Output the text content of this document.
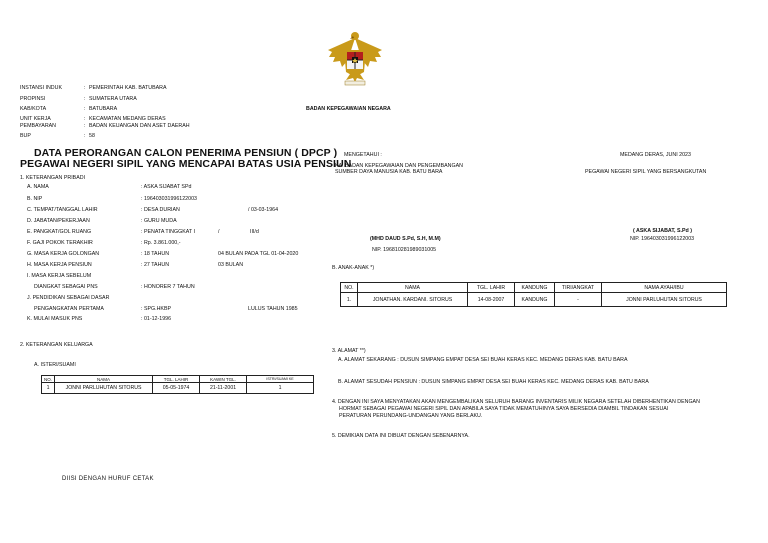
INSTANSI INDUK	: PEMERINTAH KAB. BATUBARA
PROPINSI	: SUMATERA UTARA
KAB/KOTA	: BATUBARA
UNIT KERJA	: KECAMATAN MEDANG DERAS
PEMBAYARAN	: BADAN KEUANGAN DAN ASET DAERAH
BUP	: 58
BADAN KEPEGAWAIAN NEGARA
DATA PERORANGAN CALON PENERIMA PENSIUN ( DPCP )
PEGAWAI NEGERI SIPIL YANG MENCAPAI BATAS USIA PENSIUN
MENGETAHUI :
KA. BADAN KEPEGAWAIAN DAN PENGEMBANGAN
SUMBER DAYA MANUSIA KAB. BATU BARA
MEDANG DERAS, JUNI 2023
PEGAWAI NEGERI SIPIL YANG BERSANGKUTAN
1. KETERANGAN PRIBADI
A. NAMA	: ASKA SIJABAT SPd
B. NIP	: 196403031996122003
C. TEMPAT/TANGGAL LAHIR	: DESA DURIAN	/ 03-03-1964
D. JABATAN/PEKERJAAN	: GURU MUDA
E. PANGKAT/GOL RUANG	: PENATA TINGGKAT I	/	III/d
F. GAJI POKOK TERAKHIR	: Rp. 3.861.000,-
G. MASA KERJA GOLONGAN	: 18 TAHUN	04 BULAN PADA TGL 01-04-2020
H. MASA KERJA PENSIUN	: 27 TAHUN	03 BULAN
I. MASA KERJA SEBELUM
DIANGKAT SEBAGAI PNS	: HONORER 7 TAHUN
J. PENDIDIKAN SEBAGAI DASAR
PENGANGKATAN PERTAMA	: SPG.HKBP	LULUS TAHUN 1985
K. MULAI MASUK PNS	: 01-12-1996
(MHD DAUD S.Pd, S.H, M.M)
NIP. 196810281989031005
( ASKA SIJABAT, S.Pd )
NIP. 196403031996122003
B. ANAK-ANAK *)
NO.	NAMA	TGL. LAHIR	KANDUNG	TIRI/ANGKAT	NAMA AYAH/IBU
1.	JONATHAN. KARDANI. SITORUS	14-08-2007	KANDUNG	-	JONNI PARLUHUTAN SITORUS
2. KETERANGAN KELUARGA
A. ISTERI/SUAMI
NO.	NAMA	TGL. LAHIR	KAWIN TGL.	ISTRI/SUAMI KE
1	JONNI PARLUHUTAN SITORUS	05-05-1974	21-11-2001	1
3. ALAMAT **)
A. ALAMAT SEKARANG : DUSUN SIMPANG EMPAT DESA SEI BUAH KERAS KEC. MEDANG DERAS KAB. BATU BARA
B. ALAMAT SESUDAH PENSIUN : DUSUN SIMPANG EMPAT DESA SEI BUAH KERAS KEC. MEDANG DERAS KAB. BATU BARA
4. DENGAN INI SAYA MENYATAKAN AKAN MENGEMBALIKAN SELURUH BARANG INVENTARIS MILIK NEGARA SETELAH DIBERHENTIKAN DENGAN
HORMAT SEBAGAI PEGAWAI NEGERI SIPIL DAN APABILA SAYA TIDAK MEMATUHINYA SAYA BERSEDIA DIAMBIL TINDAKAN SESUAI
PERATURAN PERUNDANG-UNDANGAN YANG BERLAKU.
5. DEMIKIAN DATA INI DIBUAT DENGAN SEBENARNYA.
DIISI DENGAN HURUF CETAK
